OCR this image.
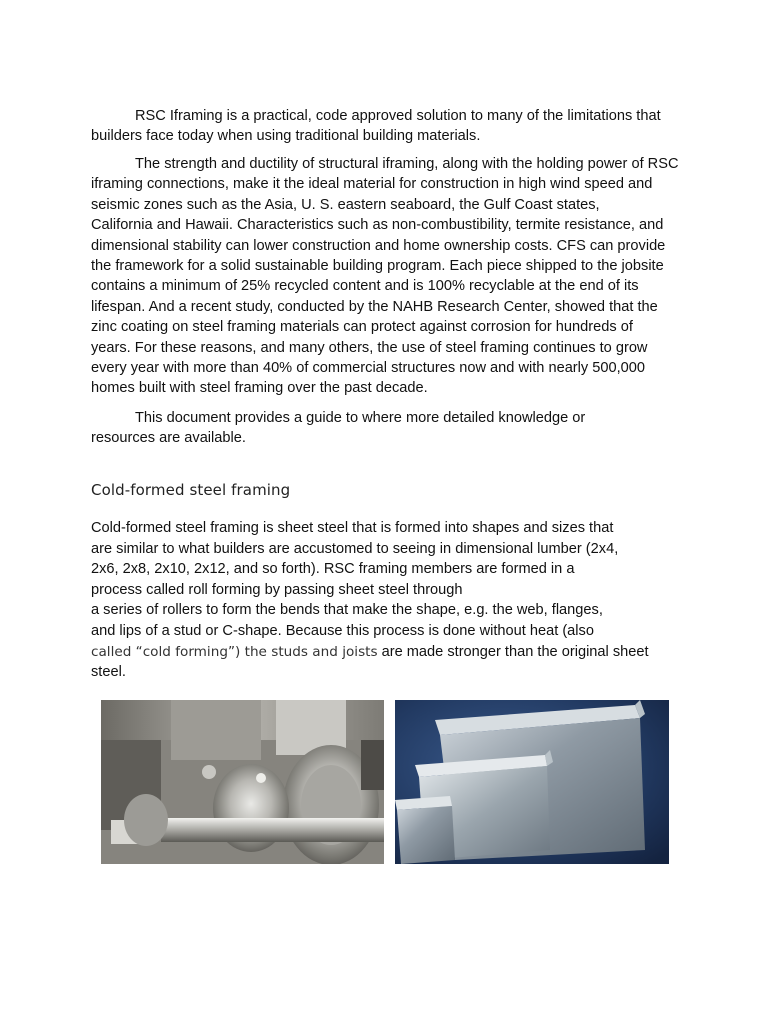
RSC Iframing is a practical, code approved solution to many of the limitations that
builders face today when using traditional building materials.

The strength and ductility of structural iframing, along with the holding power of RSC
iframing connections, make it the ideal material for construction in high wind speed and
seismic zones such as the Asia, U. S. eastern seaboard, the Gulf Coast states,
California and Hawaii. Characteristics such as non-combustibility, termite resistance, and
dimensional stability can lower construction and home ownership costs. CFS can provide
the framework for a solid sustainable building program. Each piece shipped to the jobsite
contains a minimum of 25% recycled content and is 100% recyclable at the end of its
lifespan. And a recent study, conducted by the NAHB Research Center, showed that the
zinc coating on steel framing materials can protect against corrosion for hundreds of
years. For these reasons, and many others, the use of steel framing continues to grow
every year with more than 40% of commercial structures now and with nearly 500,000
homes built with steel framing over the past decade.

This document provides a guide to where more detailed knowledge or
resources are available.

Cold-formed steel framing

Cold-formed steel framing is sheet steel that is formed into shapes and sizes that
are similar to what builders are accustomed to seeing in dimensional lumber (2x4,
2x6, 2x8, 2x10, 2x12, and so forth). RSC framing members are formed in a
process called roll forming by passing sheet steel through
a series of rollers to form the bends that make the shape, e.g. the web, flanges,
and lips of a stud or C-shape. Because this process is done without heat (also
called “cold forming”) the studs and joists are made stronger than the original sheet
steel.
